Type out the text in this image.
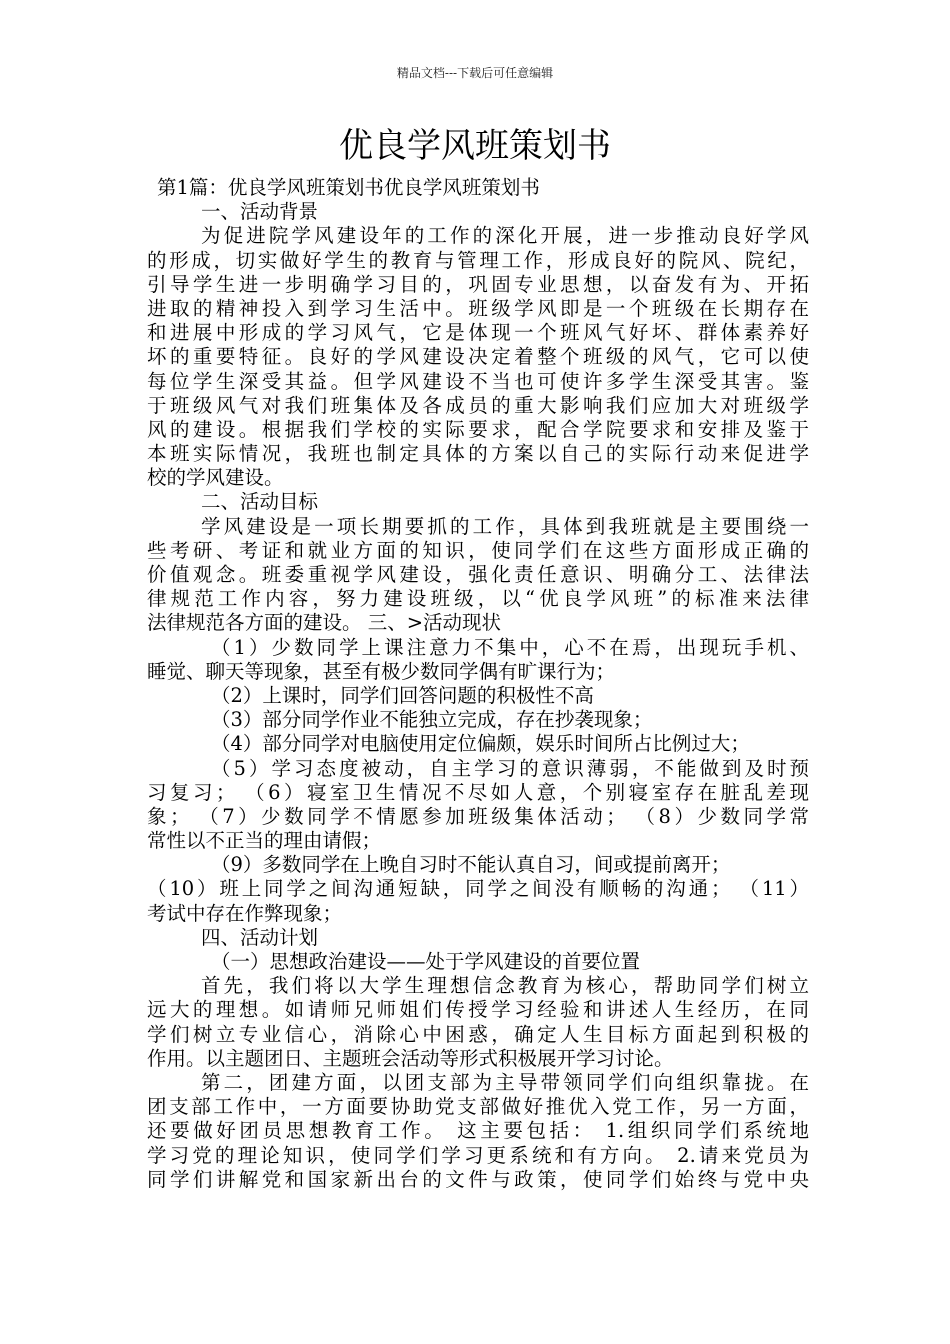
精品文档---下载后可任意编辑
优良学风班策划书
第1篇：优良学风班策划书优良学风班策划书
一、活动背景
为促进院学风建设年的工作的深化开展，进一步推动良好学风
的形成，切实做好学生的教育与管理工作，形成良好的院风、院纪，
引导学生进一步明确学习目的，巩固专业思想，以奋发有为、开拓
进取的精神投入到学习生活中。班级学风即是一个班级在长期存在
和进展中形成的学习风气，它是体现一个班风气好坏、群体素养好
坏的重要特征。良好的学风建设决定着整个班级的风气，它可以使
每位学生深受其益。但学风建设不当也可使许多学生深受其害。鉴
于班级风气对我们班集体及各成员的重大影响我们应加大对班级学
风的建设。根据我们学校的实际要求，配合学院要求和安排及鉴于
本班实际情况，我班也制定具体的方案以自己的实际行动来促进学
校的学风建设。
二、活动目标
学风建设是一项长期要抓的工作，具体到我班就是主要围绕一
些考研、考证和就业方面的知识，使同学们在这些方面形成正确的
价值观念。班委重视学风建设，强化责任意识、明确分工、法律法
律规范工作内容，努力建设班级，以“优良学风班”的标准来法律
法律规范各方面的建设。 三、>活动现状
（1）少数同学上课注意力不集中，心不在焉，出现玩手机、
睡觉、聊天等现象，甚至有极少数同学偶有旷课行为；
（2）上课时，同学们回答问题的积极性不高
（3）部分同学作业不能独立完成，存在抄袭现象；
（4）部分同学对电脑使用定位偏颇，娱乐时间所占比例过大；
（5）学习态度被动，自主学习的意识薄弱，不能做到及时预
习复习； （6）寝室卫生情况不尽如人意，个别寝室存在脏乱差现
象； （7）少数同学不情愿参加班级集体活动； （8）少数同学常
常性以不正当的理由请假；
（9）多数同学在上晚自习时不能认真自习，间或提前离开；
（10）班上同学之间沟通短缺，同学之间没有顺畅的沟通； （11）
考试中存在作弊现象；
四、活动计划
（一）思想政治建设——处于学风建设的首要位置
首先，我们将以大学生理想信念教育为核心，帮助同学们树立
远大的理想。如请师兄师姐们传授学习经验和讲述人生经历，在同
学们树立专业信心，消除心中困惑，确定人生目标方面起到积极的
作用。以主题团日、主题班会活动等形式积极展开学习讨论。
第二，团建方面，以团支部为主导带领同学们向组织靠拢。在
团支部工作中，一方面要协助党支部做好推优入党工作，另一方面，
还要做好团员思想教育工作。 这主要包括： 1.组织同学们系统地
学习党的理论知识，使同学们学习更系统和有方向。 2.请来党员为
同学们讲解党和国家新出台的文件与政策，使同学们始终与党中央
